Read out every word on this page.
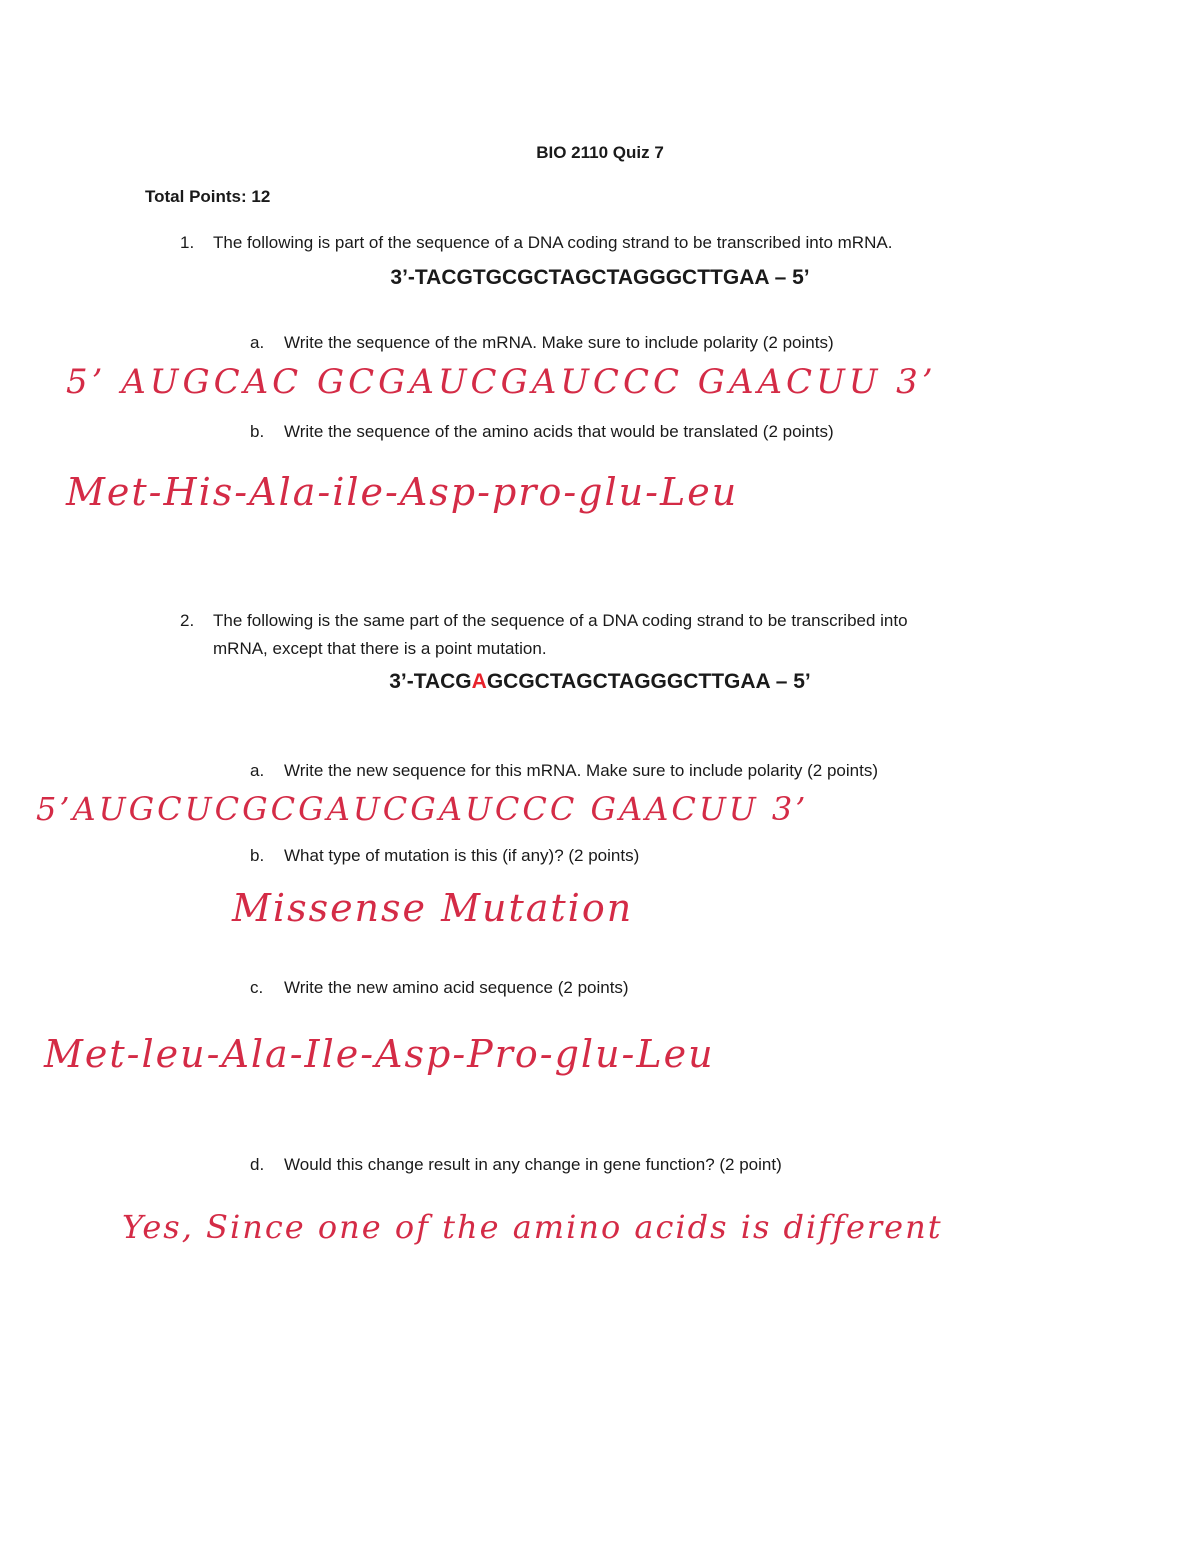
BIO 2110 Quiz 7
Total Points: 12
1. The following is part of the sequence of a DNA coding strand to be transcribed into mRNA.
3’-TACGTGCGCTAGCTAGGGCTTGAA – 5’
a. Write the sequence of the mRNA. Make sure to include polarity (2 points)
5’ AUGCAC GCGAUCGAUCCC GAACUU 3’
b. Write the sequence of the amino acids that would be translated (2 points)
Met-His-Ala-ile-Asp-pro-glu-Leu
2. The following is the same part of the sequence of a DNA coding strand to be transcribed into
mRNA, except that there is a point mutation.
3’-TACGAGCGCTAGCTAGGGCTTGAA – 5’
a. Write the new sequence for this mRNA. Make sure to include polarity (2 points)
5’AUGCUCGCGAUCGAUCCC GAACUU 3’
b. What type of mutation is this (if any)? (2 points)
Missense Mutation
c. Write the new amino acid sequence (2 points)
Met-leu-Ala-Ile-Asp-Pro-glu-Leu
d. Would this change result in any change in gene function? (2 point)
Yes, Since one of the amino acids is different
